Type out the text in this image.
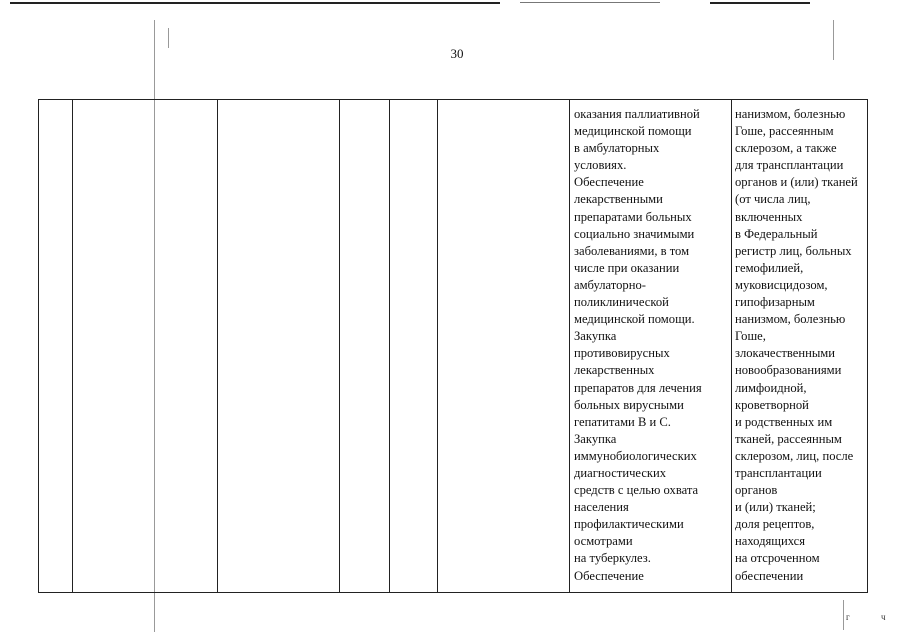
30
оказания паллиативной
медицинской помощи
в амбулаторных
условиях.
Обеспечение
лекарственными
препаратами больных
социально значимыми
заболеваниями, в том
числе при оказании
амбулаторно-
поликлинической
медицинской помощи.
Закупка
противовирусных
лекарственных
препаратов для лечения
больных вирусными
гепатитами В и С.
Закупка
иммунобиологических
диагностических
средств с целью охвата
населения
профилактическими
осмотрами
на туберкулез.
Обеспечение
нанизмом, болезнью
Гоше, рассеянным
склерозом, а также
для трансплантации
органов и (или) тканей
(от числа лиц,
включенных
в Федеральный
регистр лиц, больных
гемофилией,
муковисцидозом,
гипофизарным
нанизмом, болезнью
Гоше,
злокачественными
новообразованиями
лимфоидной,
кроветворной
и родственных им
тканей, рассеянным
склерозом, лиц, после
трансплантации
органов
и (или) тканей;
доля рецептов,
находящихся
на отсроченном
обеспечении
г	ч
